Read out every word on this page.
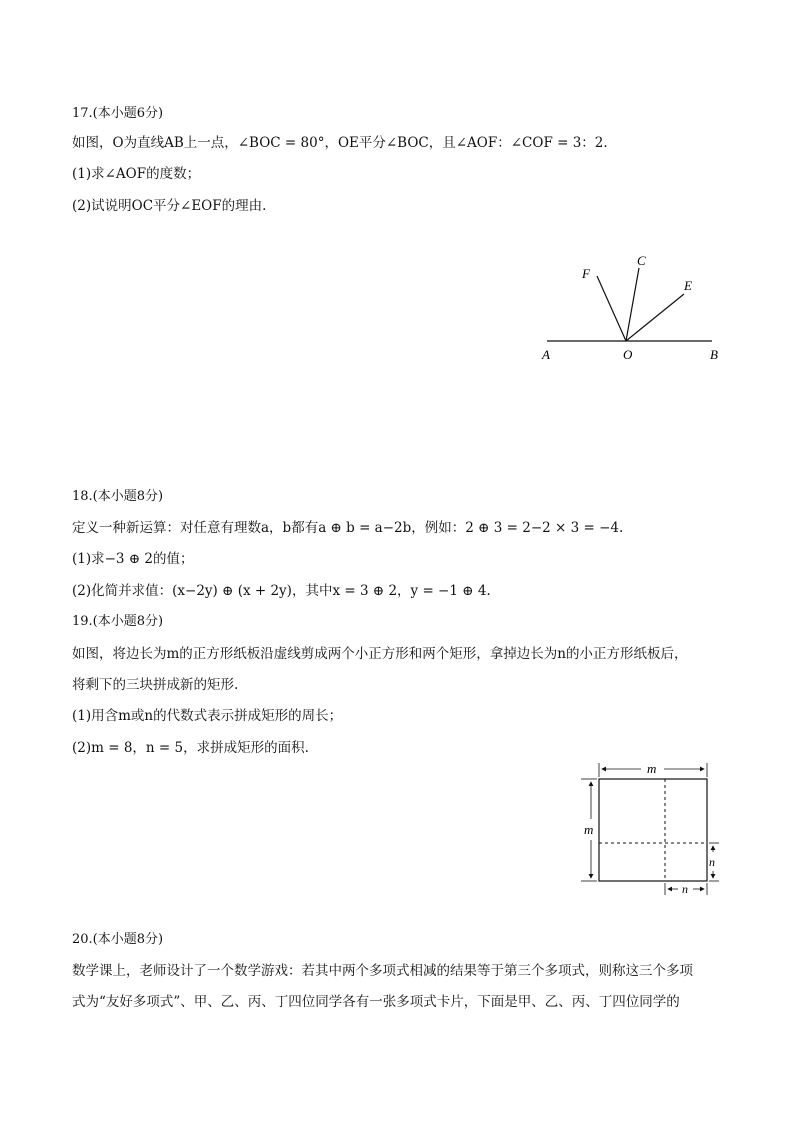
17.(本小题6分)
如图，O为直线AB上一点，∠BOC = 80°，OE平分∠BOC，且∠AOF：∠COF = 3：2.
(1)求∠AOF的度数；
(2)试说明OC平分∠EOF的理由.
F
C
E
A	O	B
18.(本小题8分)
定义一种新运算：对任意有理数a，b都有a ⊕ b = a−2b，例如：2 ⊕ 3 = 2−2 × 3 = −4.
(1)求−3 ⊕ 2的值；
(2)化简并求值：(x−2y) ⊕ (x + 2y)，其中x = 3 ⊕ 2，y = −1 ⊕ 4.
19.(本小题8分)
如图，将边长为m的正方形纸板沿虚线剪成两个小正方形和两个矩形，拿掉边长为n的小正方形纸板后，
将剩下的三块拼成新的矩形.
(1)用含m或n的代数式表示拼成矩形的周长；
(2)m = 8，n = 5，求拼成矩形的面积.
m
m
n
n
20.(本小题8分)
数学课上，老师设计了一个数学游戏：若其中两个多项式相减的结果等于第三个多项式，则称这三个多项
式为“友好多项式”、甲、乙、丙、丁四位同学各有一张多项式卡片，下面是甲、乙、丙、丁四位同学的
